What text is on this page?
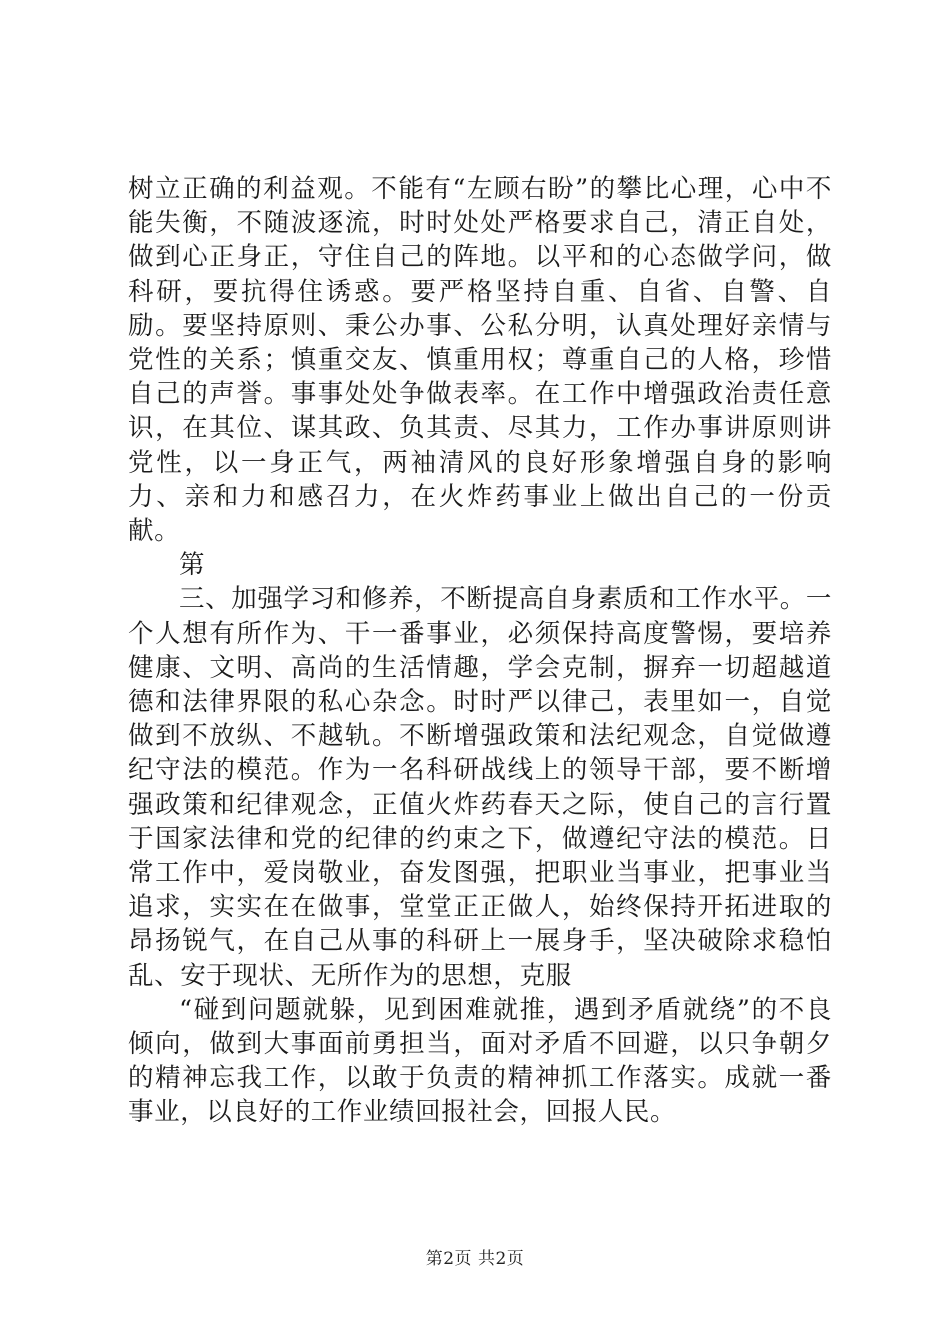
树立正确的利益观。不能有“左顾右盼”的攀比心理，心中不能失衡，不随波逐流，时时处处严格要求自己，清正自处，做到心正身正，守住自己的阵地。以平和的心态做学问，做科研，要抗得住诱惑。要严格坚持自重、自省、自警、自励。要坚持原则、秉公办事、公私分明，认真处理好亲情与党性的关系；慎重交友、慎重用权；尊重自己的人格，珍惜自己的声誉。事事处处争做表率。在工作中增强政治责任意识，在其位、谋其政、负其责、尽其力，工作办事讲原则讲党性，以一身正气，两袖清风的良好形象增强自身的影响力、亲和力和感召力，在火炸药事业上做出自己的一份贡献。

第

三、加强学习和修养，不断提高自身素质和工作水平。一个人想有所作为、干一番事业，必须保持高度警惕，要培养健康、文明、高尚的生活情趣，学会克制，摒弃一切超越道德和法律界限的私心杂念。时时严以律己，表里如一，自觉做到不放纵、不越轨。不断增强政策和法纪观念，自觉做遵纪守法的模范。作为一名科研战线上的领导干部，要不断增强政策和纪律观念，正值火炸药春天之际，使自己的言行置于国家法律和党的纪律的约束之下，做遵纪守法的模范。日常工作中，爱岗敬业，奋发图强，把职业当事业，把事业当追求，实实在在做事，堂堂正正做人，始终保持开拓进取的昂扬锐气，在自己从事的科研上一展身手，坚决破除求稳怕乱、安于现状、无所作为的思想，克服

“碰到问题就躲，见到困难就推，遇到矛盾就绕”的不良倾向，做到大事面前勇担当，面对矛盾不回避，以只争朝夕的精神忘我工作，以敢于负责的精神抓工作落实。成就一番事业，以良好的工作业绩回报社会，回报人民。

第2页 共2页
